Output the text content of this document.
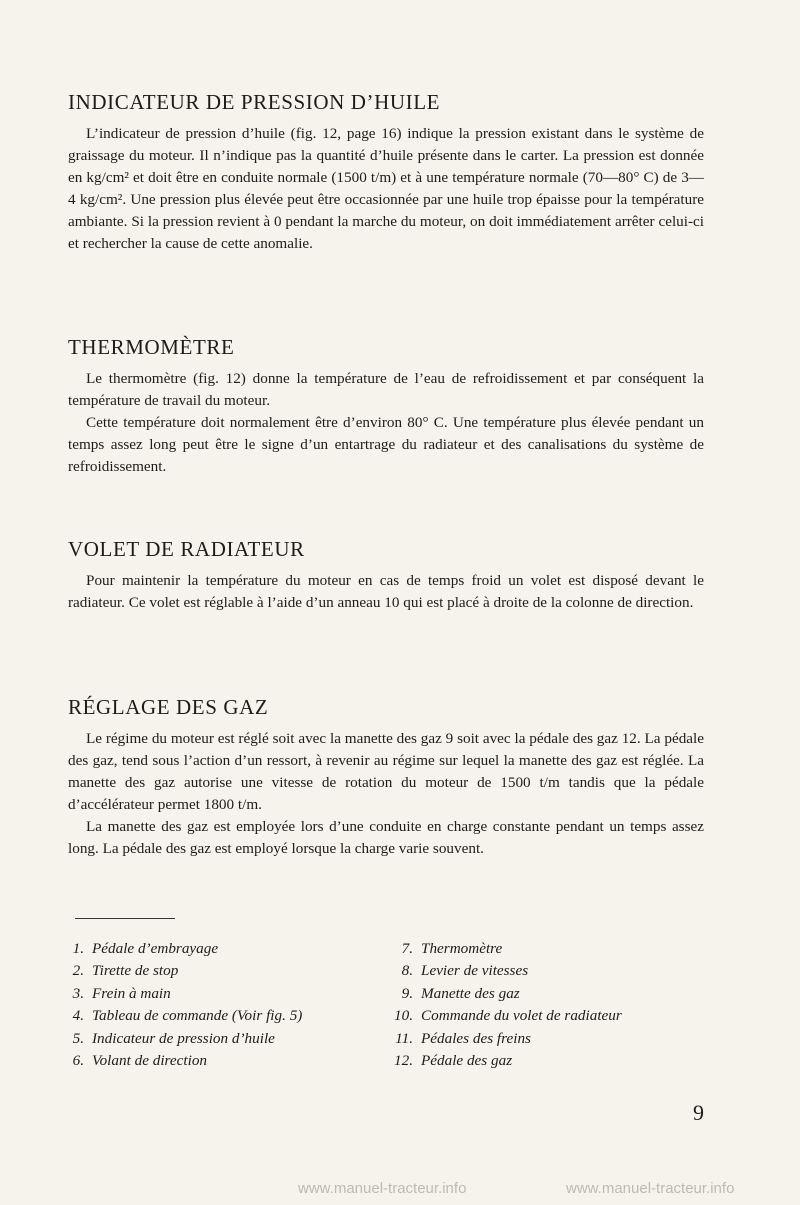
INDICATEUR DE PRESSION D’HUILE

L’indicateur de pression d’huile (fig. 12, page 16) indique la pression existant dans le système de graissage du moteur. Il n’indique pas la quantité d’huile présente dans le carter. La pression est donnée en kg/cm² et doit être en conduite normale (1500 t/m) et à une température normale (70—80° C) de 3—4 kg/cm². Une pression plus élevée peut être occasionnée par une huile trop épaisse pour la température ambiante. Si la pression revient à 0 pendant la marche du moteur, on doit immédiatement arrêter celui-ci et rechercher la cause de cette anomalie.

THERMOMÈTRE

Le thermomètre (fig. 12) donne la température de l’eau de refroidissement et par conséquent la température de travail du moteur.

Cette température doit normalement être d’environ 80° C. Une température plus élevée pendant un temps assez long peut être le signe d’un entartrage du radiateur et des canalisations du système de refroidissement.

VOLET DE RADIATEUR

Pour maintenir la température du moteur en cas de temps froid un volet est disposé devant le radiateur. Ce volet est réglable à l’aide d’un anneau 10 qui est placé à droite de la colonne de direction.

RÉGLAGE DES GAZ

Le régime du moteur est réglé soit avec la manette des gaz 9 soit avec la pédale des gaz 12. La pédale des gaz, tend sous l’action d’un ressort, à revenir au régime sur lequel la manette des gaz est réglée. La manette des gaz autorise une vitesse de rotation du moteur de 1500 t/m tandis que la pédale d’accélérateur permet 1800 t/m.

La manette des gaz est employée lors d’une conduite en charge constante pendant un temps assez long. La pédale des gaz est employé lorsque la charge varie souvent.

1. Pédale d’embrayage
2. Tirette de stop
3. Frein à main
4. Tableau de commande (Voir fig. 5)
5. Indicateur de pression d’huile
6. Volant de direction
7. Thermomètre
8. Levier de vitesses
9. Manette des gaz
10. Commande du volet de radiateur
11. Pédales des freins
12. Pédale des gaz
9
www.manuel-tracteur.info	www.manuel-tracteur.info
